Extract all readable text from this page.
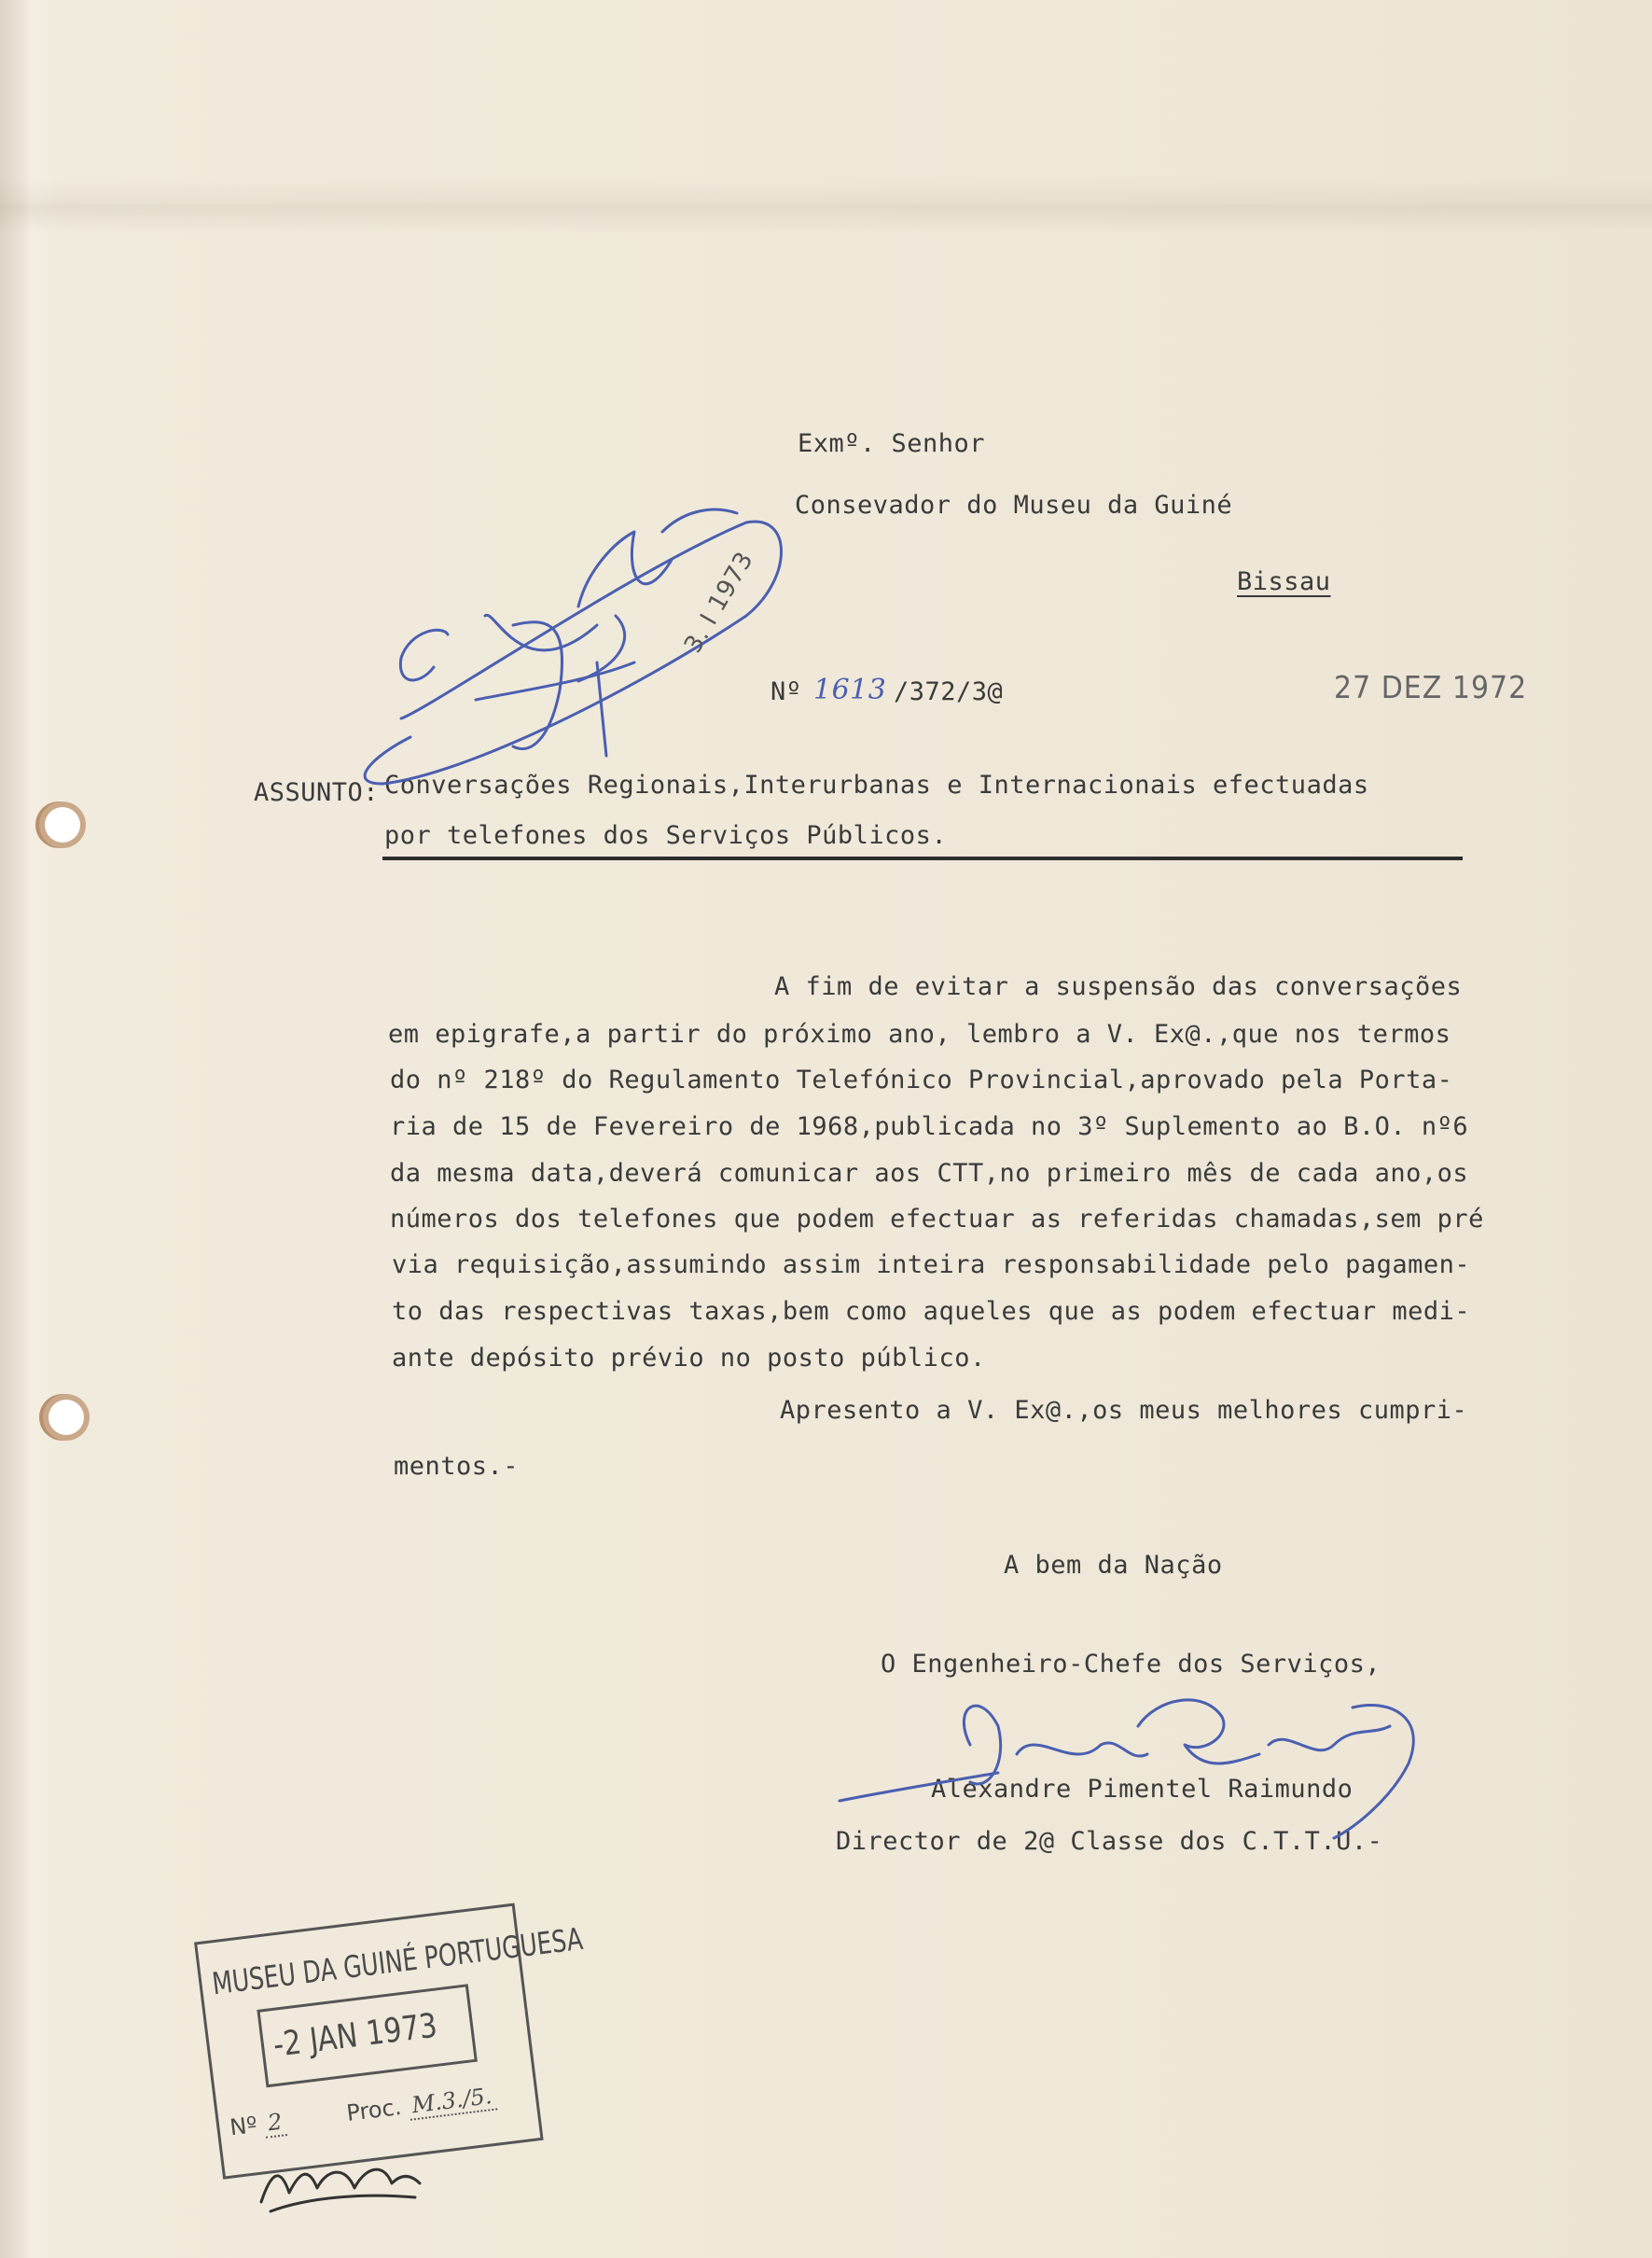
Exmº. Senhor
Consevador do Museu da Guiné
Bissau
Nº 1613 /372/3@	27 DEZ 1972
ASSUNTO: Conversações Regionais,Interurbanas e Internacionais efectuadas
por telefones dos Serviços Públicos.
A fim de evitar a suspensão das conversações
em epigrafe,a partir do próximo ano, lembro a V. Ex@.,que nos termos
do nº 218º do Regulamento Telefónico Provincial,aprovado pela Porta-
ria de 15 de Fevereiro de 1968,publicada no 3º Suplemento ao B.O. nº6
da mesma data,deverá comunicar aos CTT,no primeiro mês de cada ano,os
números dos telefones que podem efectuar as referidas chamadas,sem pré
via requisição,assumindo assim inteira responsabilidade pelo pagamen-
to das respectivas taxas,bem como aqueles que as podem efectuar medi-
ante depósito prévio no posto público.
Apresento a V. Ex@.,os meus melhores cumpri-
mentos.-
A bem da Nação
O Engenheiro-Chefe dos Serviços,
Alexandre Pimentel Raimundo
Director de 2@ Classe dos C.T.T.U.-
3. I 1973
MUSEU DA GUINÉ PORTUGUESA
-2 JAN 1973
Nº 2	Proc. M.3./5.
